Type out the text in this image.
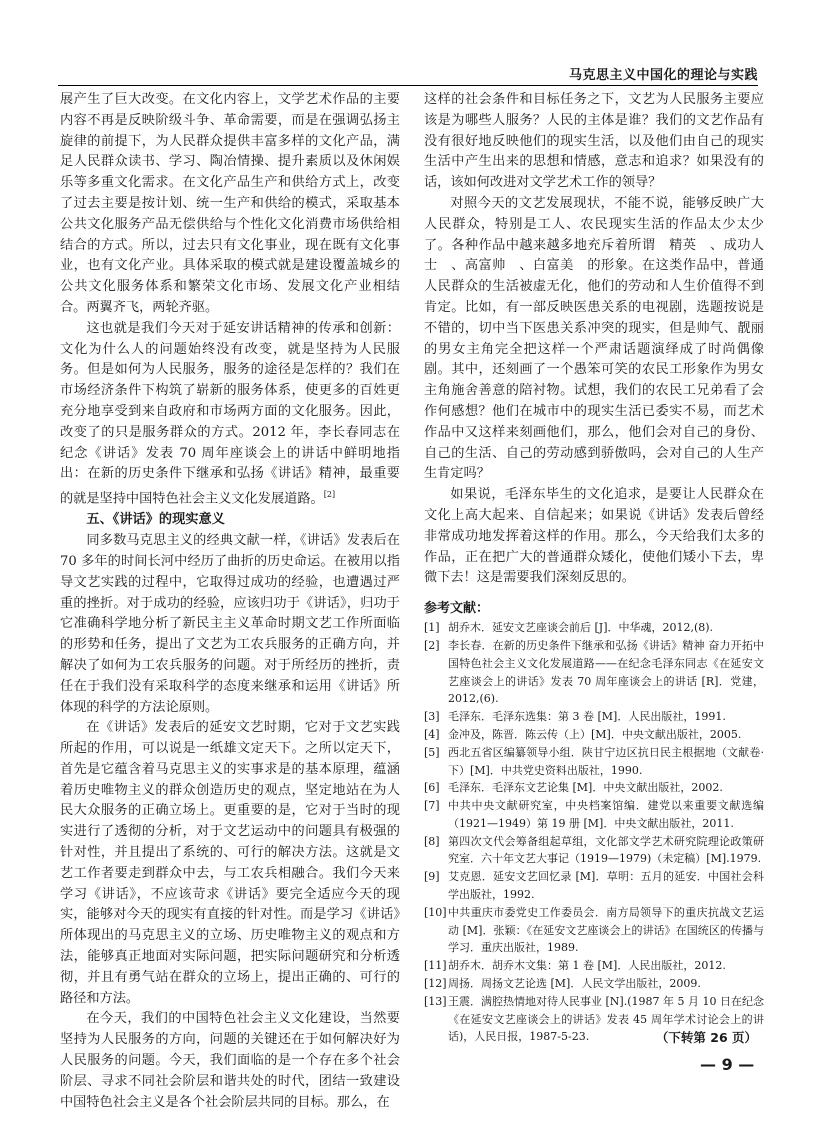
马克思主义中国化的理论与实践

展产生了巨大改变。在文化内容上，文学艺术作品的主要内容不再是反映阶级斗争、革命需要，而是在强调弘扬主旋律的前提下，为人民群众提供丰富多样的文化产品，满足人民群众读书、学习、陶冶情操、提升素质以及休闲娱乐等多重文化需求。在文化产品生产和供给方式上，改变了过去主要是按计划、统一生产和供给的模式，采取基本公共文化服务产品无偿供给与个性化文化消费市场供给相结合的方式。所以，过去只有文化事业，现在既有文化事业，也有文化产业。具体采取的模式就是建设覆盖城乡的公共文化服务体系和繁荣文化市场、发展文化产业相结合。两翼齐飞，两轮齐驱。

这也就是我们今天对于延安讲话精神的传承和创新：文化为什么人的问题始终没有改变，就是坚持为人民服务。但是如何为人民服务，服务的途径是怎样的？我们在市场经济条件下构筑了崭新的服务体系，使更多的百姓更充分地享受到来自政府和市场两方面的文化服务。因此，改变了的只是服务群众的方式。2012 年，李长春同志在纪念《讲话》发表 70 周年座谈会上的讲话中鲜明地指出：在新的历史条件下继承和弘扬《讲话》精神，最重要的就是坚持中国特色社会主义文化发展道路。[2]

五、《讲话》的现实意义

同多数马克思主义的经典文献一样，《讲话》发表后在 70 多年的时间长河中经历了曲折的历史命运。在被用以指导文艺实践的过程中，它取得过成功的经验，也遭遇过严重的挫折。对于成功的经验，应该归功于《讲话》，归功于它准确科学地分析了新民主主义革命时期文艺工作所面临的形势和任务，提出了文艺为工农兵服务的正确方向，并解决了如何为工农兵服务的问题。对于所经历的挫折，责任在于我们没有采取科学的态度来继承和运用《讲话》所体现的科学的方法论原则。

在《讲话》发表后的延安文艺时期，它对于文艺实践所起的作用，可以说是一纸雄文定天下。之所以定天下，首先是它蕴含着马克思主义的实事求是的基本原理，蕴涵着历史唯物主义的群众创造历史的观点，坚定地站在为人民大众服务的正确立场上。更重要的是，它对于当时的现实进行了透彻的分析，对于文艺运动中的问题具有极强的针对性，并且提出了系统的、可行的解决方法。这就是文艺工作者要走到群众中去，与工农兵相融合。我们今天来学习《讲话》，不应该苛求《讲话》要完全适应今天的现实，能够对今天的现实有直接的针对性。而是学习《讲话》所体现出的马克思主义的立场、历史唯物主义的观点和方法，能够真正地面对实际问题，把实际问题研究和分析透彻，并且有勇气站在群众的立场上，提出正确的、可行的路径和方法。

在今天，我们的中国特色社会主义文化建设，当然要坚持为人民服务的方向，问题的关键还在于如何解决好为人民服务的问题。今天，我们面临的是一个存在多个社会阶层、寻求不同社会阶层和谐共处的时代，团结一致建设中国特色社会主义是各个社会阶层共同的目标。那么，在

这样的社会条件和目标任务之下，文艺为人民服务主要应该是为哪些人服务？人民的主体是谁？我们的文艺作品有没有很好地反映他们的现实生活，以及他们由自己的现实生活中产生出来的思想和情感，意志和追求？如果没有的话，该如何改进对文学艺术工作的领导？

对照今天的文艺发展现状，不能不说，能够反映广大人民群众，特别是工人、农民现实生活的作品太少太少了。各种作品中越来越多地充斥着所谓　精英　、成功人士　、高富帅　、白富美　的形象。在这类作品中，普通人民群众的生活被虚无化，他们的劳动和人生价值得不到肯定。比如，有一部反映医患关系的电视剧，选题按说是不错的，切中当下医患关系冲突的现实，但是帅气、靓丽的男女主角完全把这样一个严肃话题演绎成了时尚偶像剧。其中，还刻画了一个愚笨可笑的农民工形象作为男女主角施舍善意的陪衬物。试想，我们的农民工兄弟看了会作何感想？他们在城市中的现实生活已委实不易，而艺术作品中又这样来刻画他们，那么，他们会对自己的身份、自己的生活、自己的劳动感到骄傲吗，会对自己的人生产生肯定吗？

如果说，毛泽东毕生的文化追求，是要让人民群众在文化上高大起来、自信起来；如果说《讲话》发表后曾经非常成功地发挥着这样的作用。那么，今天给我们太多的作品，正在把广大的普通群众矮化，使他们矮小下去，卑微下去！这是需要我们深刻反思的。

参考文献：
[1] 胡乔木．延安文艺座谈会前后 [J]．中华魂，2012,(8).
[2] 李长春．在新的历史条件下继承和弘扬《讲话》精神 奋力开拓中国特色社会主义文化发展道路——在纪念毛泽东同志《在延安文艺座谈会上的讲话》发表 70 周年座谈会上的讲话 [R]．党建，2012,(6).
[3] 毛泽东．毛泽东选集：第 3 卷 [M]．人民出版社，1991.
[4] 金冲及，陈晋．陈云传（上）[M]．中央文献出版社，2005.
[5] 西北五省区编纂领导小组．陕甘宁边区抗日民主根据地（文献卷·下）[M]．中共党史资料出版社，1990.
[6] 毛泽东．毛泽东文艺论集 [M]．中央文献出版社，2002.
[7] 中共中央文献研究室，中央档案馆编．建党以来重要文献选编（1921—1949）第 19 册 [M]．中央文献出版社，2011.
[8] 第四次文代会筹备组起草组，文化部文学艺术研究院理论政策研究室．六十年文艺大事记（1919—1979)（未定稿）[M].1979.
[9] 艾克恩．延安文艺回忆录 [M]．草明：五月的延安．中国社会科学出版社，1992.
[10] 中共重庆市委党史工作委员会．南方局领导下的重庆抗战文艺运动 [M]．张颖：《在延安文艺座谈会上的讲话》在国统区的传播与学习．重庆出版社，1989.
[11] 胡乔木．胡乔木文集：第 1 卷 [M]．人民出版社，2012.
[12] 周扬．周扬文艺论选 [M]．人民文学出版社，2009.
[13] 王震．满腔热情地对待人民事业 [N].(1987 年 5 月 10 日在纪念《在延安文艺座谈会上的讲话》发表 45 周年学术讨论会上的讲话)，人民日报，1987-5-23.	（下转第 26 页）
— 9 —
